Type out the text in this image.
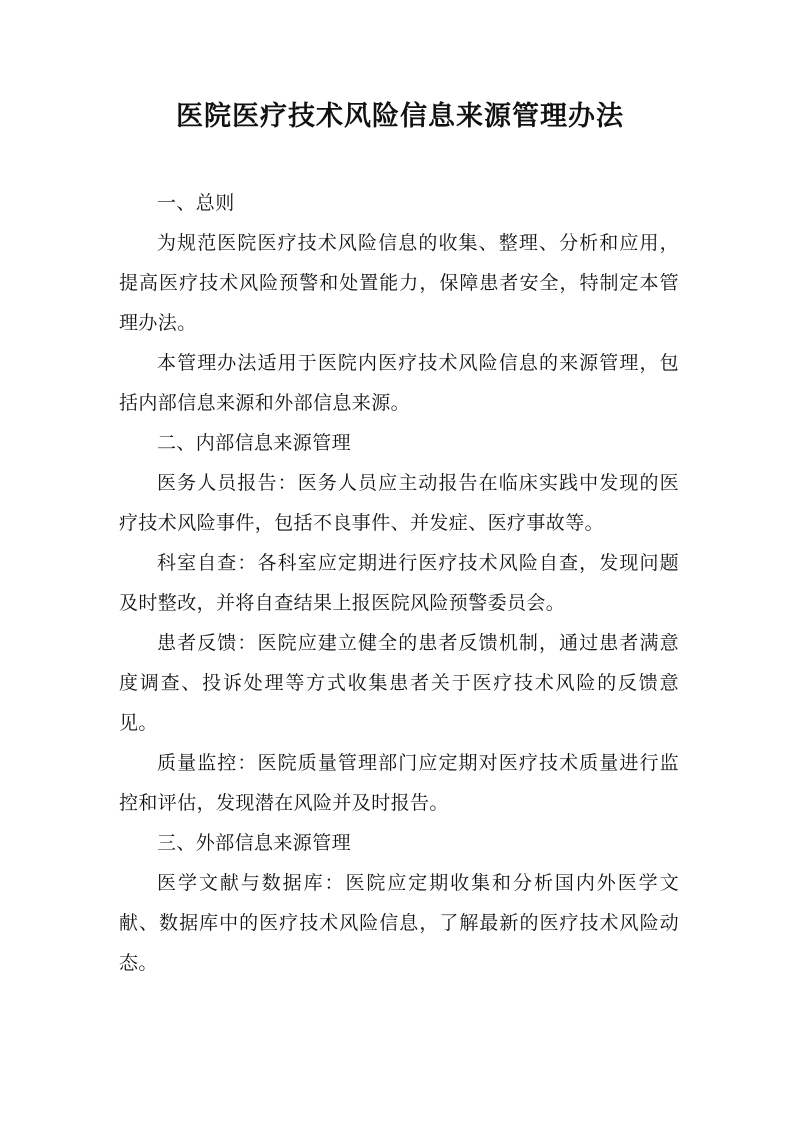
医院医疗技术风险信息来源管理办法

一、总则

为规范医院医疗技术风险信息的收集、整理、分析和应用，提高医疗技术风险预警和处置能力，保障患者安全，特制定本管理办法。

本管理办法适用于医院内医疗技术风险信息的来源管理，包括内部信息来源和外部信息来源。

二、内部信息来源管理

医务人员报告：医务人员应主动报告在临床实践中发现的医疗技术风险事件，包括不良事件、并发症、医疗事故等。

科室自查：各科室应定期进行医疗技术风险自查，发现问题及时整改，并将自查结果上报医院风险预警委员会。

患者反馈：医院应建立健全的患者反馈机制，通过患者满意度调查、投诉处理等方式收集患者关于医疗技术风险的反馈意见。

质量监控：医院质量管理部门应定期对医疗技术质量进行监控和评估，发现潜在风险并及时报告。

三、外部信息来源管理

医学文献与数据库：医院应定期收集和分析国内外医学文献、数据库中的医疗技术风险信息，了解最新的医疗技术风险动态。
